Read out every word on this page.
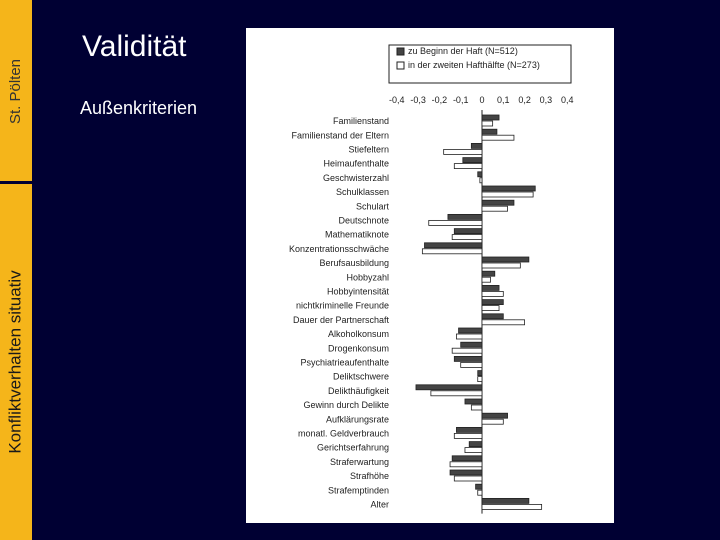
St. Pölten
Konfliktverhalten situativ
Validität
Außenkriterien
zu Beginn der Haft (N=512)
in der zweiten Hafthälfte (N=273)
-0,4 -0,3 -0,2 -0,1 0 0,1 0,2 0,3 0,4
Familienstand
Familienstand der Eltern
Stiefeltern
Heimaufenthalte
Geschwisterzahl
Schulklassen
Schulart
Deutschnote
Mathematiknote
Konzentrationsschwäche
Berufsausbildung
Hobbyzahl
Hobbyintensität
nichtkriminelle Freunde
Dauer der Partnerschaft
Alkoholkonsum
Drogenkonsum
Psychiatrieaufenthalte
Deliktschwere
Delikthäufigkeit
Gewinn durch Delikte
Aufklärungsrate
monatl. Geldverbrauch
Gerichtserfahrung
Straferwartung
Strafhöhe
Strafemptinden
Alter
